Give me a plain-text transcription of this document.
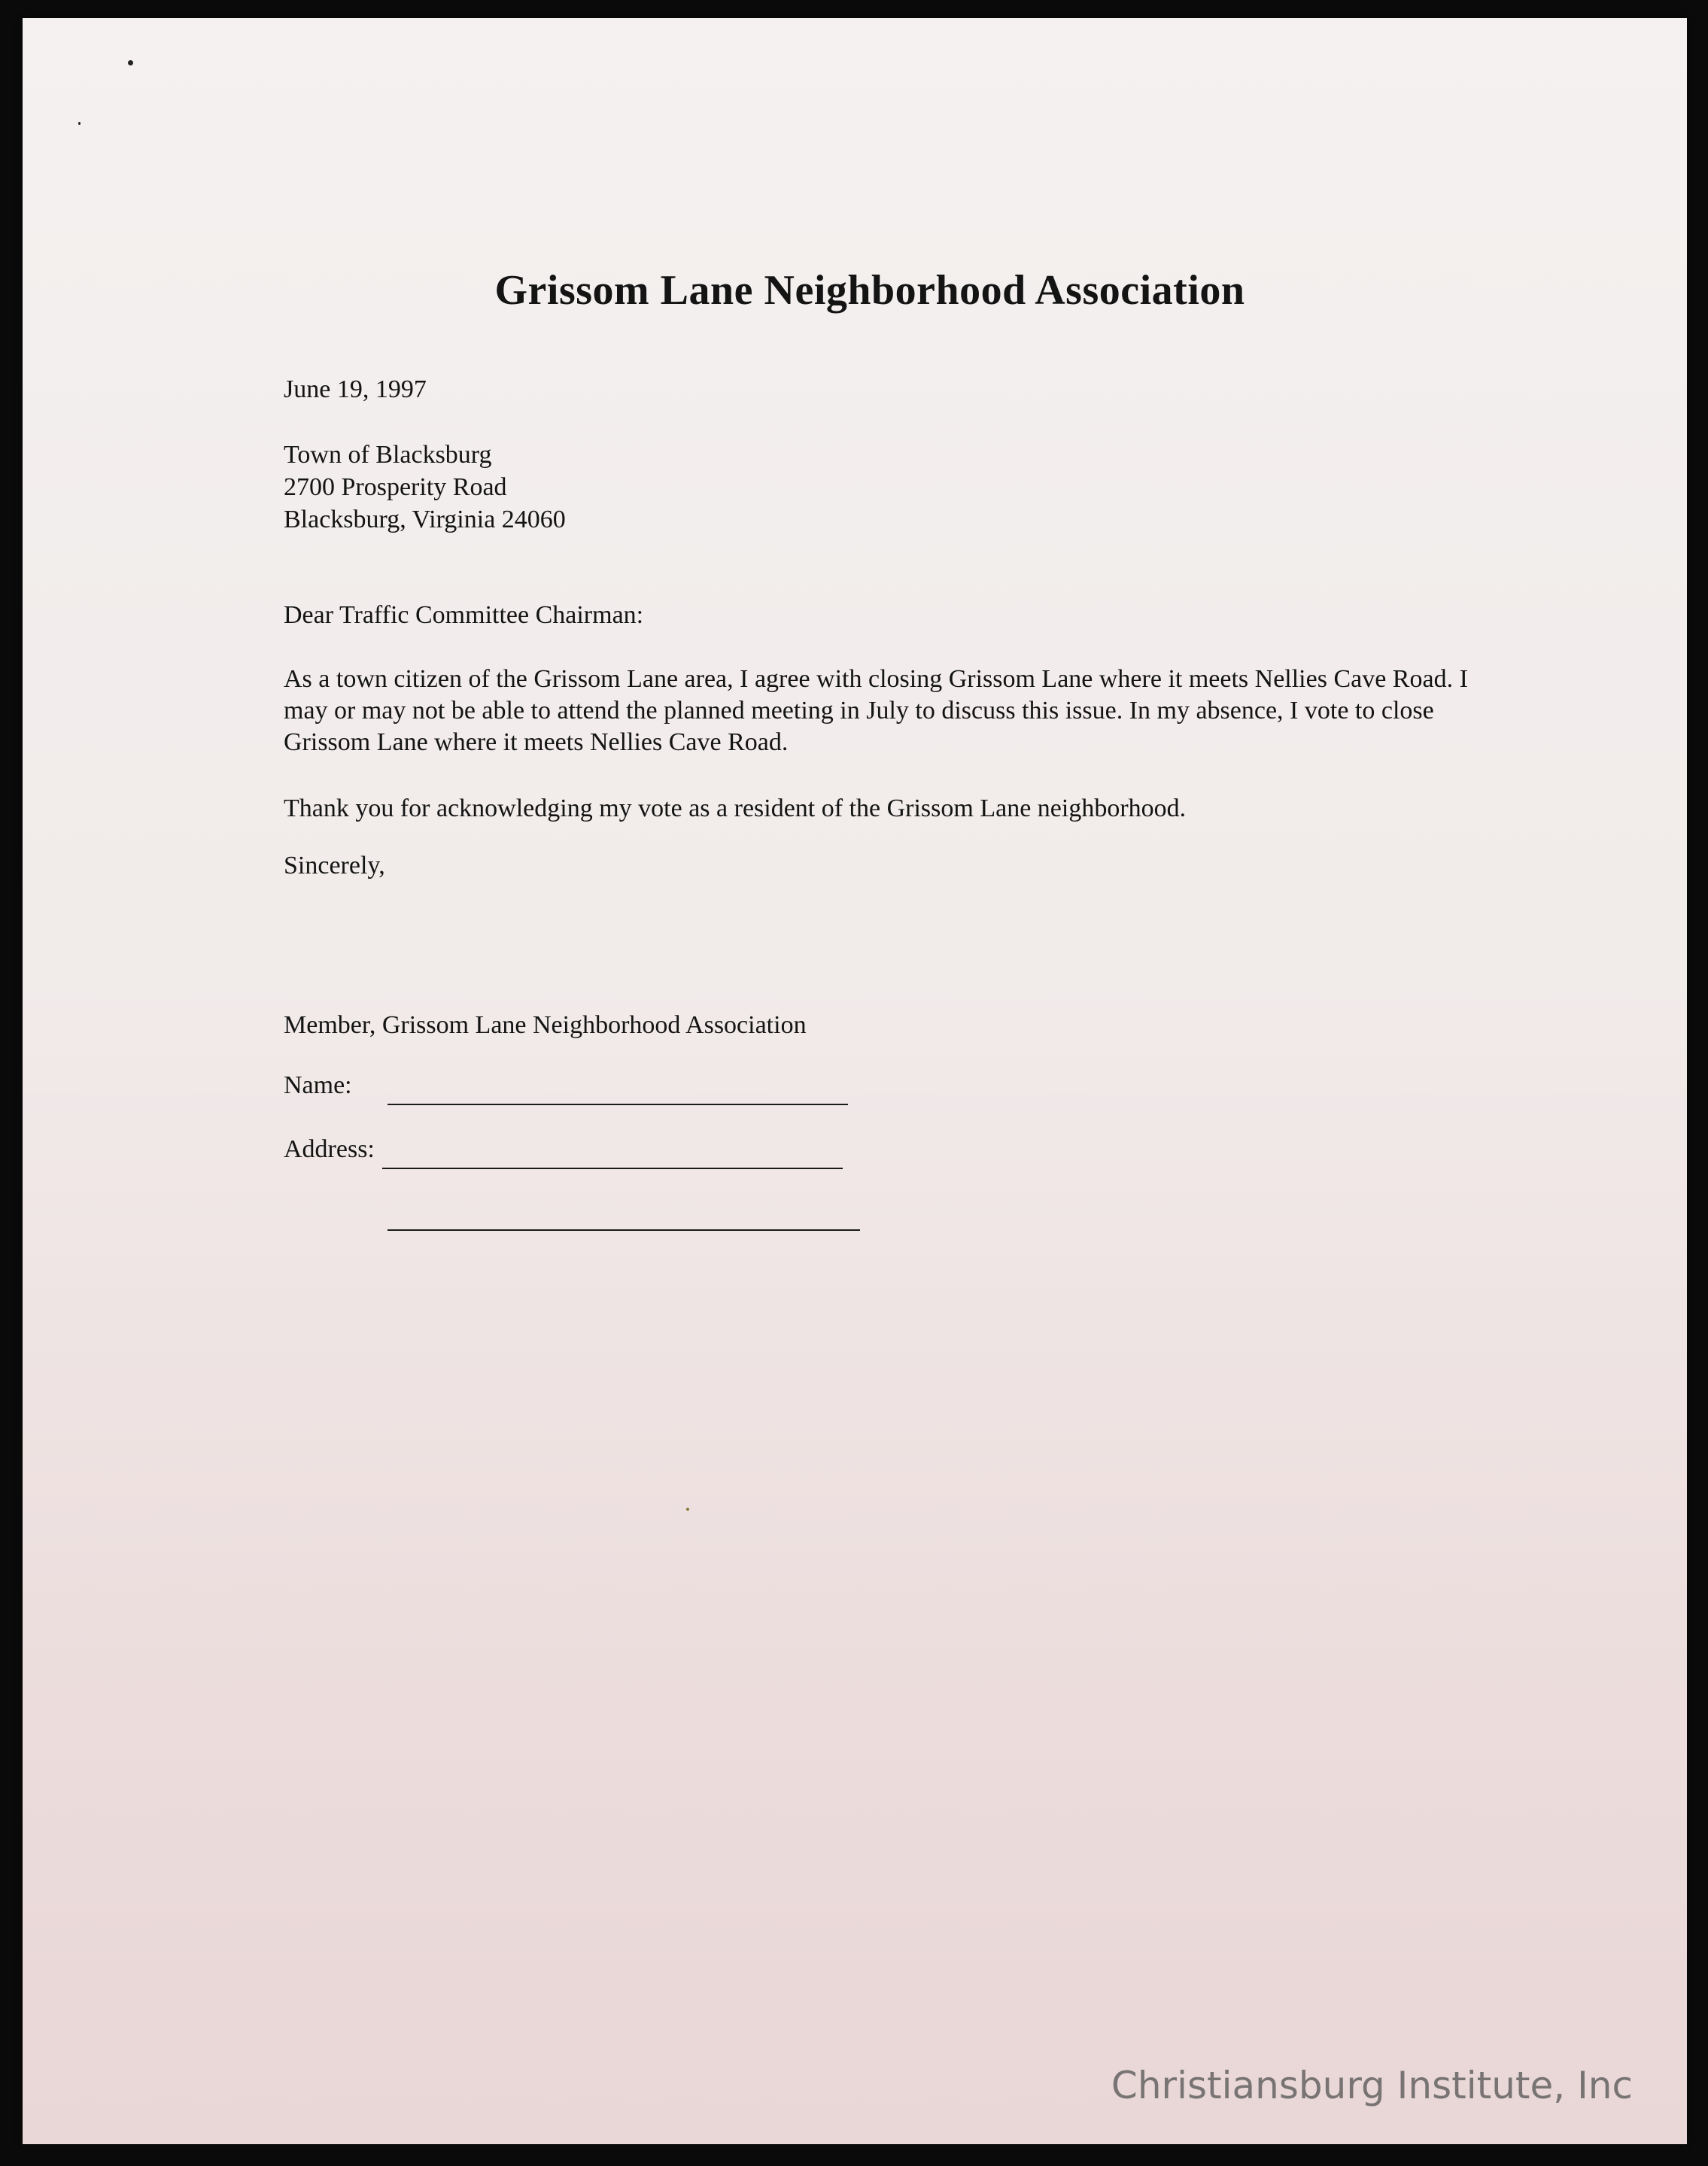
Grissom Lane Neighborhood Association
June 19, 1997
Town of Blacksburg
2700 Prosperity Road
Blacksburg, Virginia 24060
Dear Traffic Committee Chairman:
As a town citizen of the Grissom Lane area, I agree with closing Grissom Lane where it meets Nellies Cave Road. I may or may not be able to attend the planned meeting in July to discuss this issue. In my absence, I vote to close Grissom Lane where it meets Nellies Cave Road.
Thank you for acknowledging my vote as a resident of the Grissom Lane neighborhood.
Sincerely,
Member, Grissom Lane Neighborhood Association
Name:
Address:
Christiansburg Institute, Inc
